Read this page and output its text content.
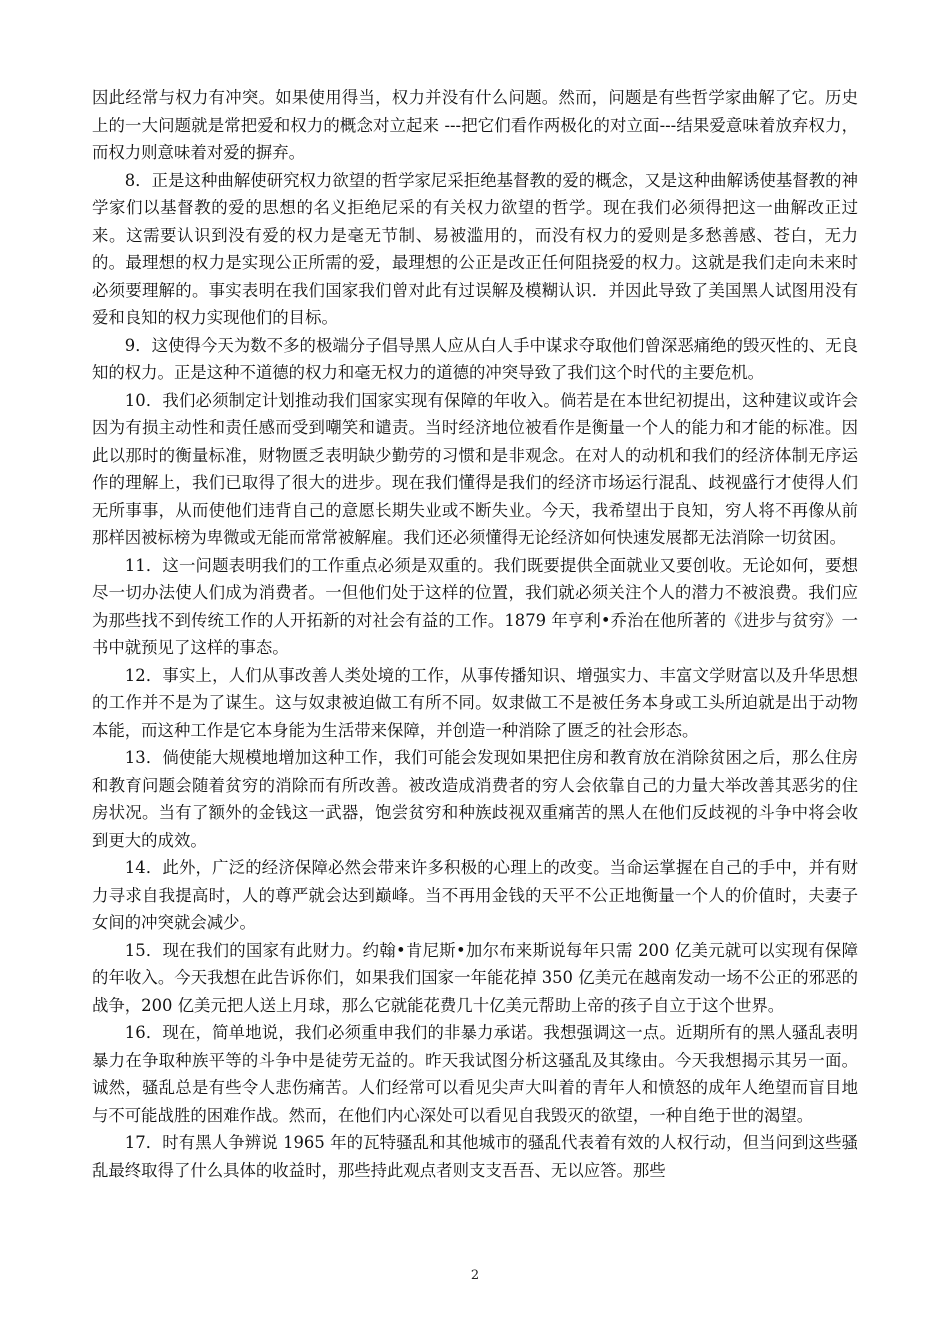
因此经常与权力有冲突。如果使用得当，权力并没有什么问题。然而，问题是有些哲学家曲解了它。历史上的一大问题就是常把爱和权力的概念对立起来 ---把它们看作两极化的对立面---结果爱意味着放弃权力，而权力则意味着对爱的摒弃。

8．正是这种曲解使研究权力欲望的哲学家尼采拒绝基督教的爱的概念，又是这种曲解诱使基督教的神学家们以基督教的爱的思想的名义拒绝尼采的有关权力欲望的哲学。现在我们必须得把这一曲解改正过来。这需要认识到没有爱的权力是毫无节制、易被滥用的，而没有权力的爱则是多愁善感、苍白，无力的。最理想的权力是实现公正所需的爱，最理想的公正是改正任何阻挠爱的权力。这就是我们走向未来时必须要理解的。事实表明在我们国家我们曾对此有过误解及模糊认识．并因此导致了美国黑人试图用没有爱和良知的权力实现他们的目标。

9．这使得今天为数不多的极端分子倡导黑人应从白人手中谋求夺取他们曾深恶痛绝的毁灭性的、无良知的权力。正是这种不道德的权力和毫无权力的道德的冲突导致了我们这个时代的主要危机。

10．我们必须制定计划推动我们国家实现有保障的年收入。倘若是在本世纪初提出，这种建议或许会因为有损主动性和责任感而受到嘲笑和谴责。当时经济地位被看作是衡量一个人的能力和才能的标准。因此以那时的衡量标准，财物匮乏表明缺少勤劳的习惯和是非观念。在对人的动机和我们的经济体制无序运作的理解上，我们已取得了很大的进步。现在我们懂得是我们的经济市场运行混乱、歧视盛行才使得人们无所事事，从而使他们违背自己的意愿长期失业或不断失业。今天，我希望出于良知，穷人将不再像从前那样因被标榜为卑微或无能而常常被解雇。我们还必须懂得无论经济如何快速发展都无法消除一切贫困。

11．这一问题表明我们的工作重点必须是双重的。我们既要提供全面就业又要创收。无论如何，要想尽一切办法使人们成为消费者。一但他们处于这样的位置，我们就必须关注个人的潜力不被浪费。我们应为那些找不到传统工作的人开拓新的对社会有益的工作。1879 年亨利•乔治在他所著的《进步与贫穷》一书中就预见了这样的事态。

12．事实上，人们从事改善人类处境的工作，从事传播知识、增强实力、丰富文学财富以及升华思想的工作并不是为了谋生。这与奴隶被迫做工有所不同。奴隶做工不是被任务本身或工头所迫就是出于动物本能，而这种工作是它本身能为生活带来保障，并创造一种消除了匮乏的社会形态。

13．倘使能大规模地增加这种工作，我们可能会发现如果把住房和教育放在消除贫困之后，那么住房和教育问题会随着贫穷的消除而有所改善。被改造成消费者的穷人会依靠自己的力量大举改善其恶劣的住房状况。当有了额外的金钱这一武器，饱尝贫穷和种族歧视双重痛苦的黑人在他们反歧视的斗争中将会收到更大的成效。

14．此外，广泛的经济保障必然会带来许多积极的心理上的改变。当命运掌握在自己的手中，并有财力寻求自我提高时，人的尊严就会达到巅峰。当不再用金钱的天平不公正地衡量一个人的价值时，夫妻子女间的冲突就会减少。

15．现在我们的国家有此财力。约翰•肯尼斯•加尔布来斯说每年只需 200 亿美元就可以实现有保障的年收入。今天我想在此告诉你们，如果我们国家一年能花掉 350 亿美元在越南发动一场不公正的邪恶的战争，200 亿美元把人送上月球，那么它就能花费几十亿美元帮助上帝的孩子自立于这个世界。

16．现在，简单地说，我们必须重申我们的非暴力承诺。我想强调这一点。近期所有的黑人骚乱表明暴力在争取种族平等的斗争中是徒劳无益的。昨天我试图分析这骚乱及其缘由。今天我想揭示其另一面。诚然，骚乱总是有些令人悲伤痛苦。人们经常可以看见尖声大叫着的青年人和愤怒的成年人绝望而盲目地与不可能战胜的困难作战。然而，在他们内心深处可以看见自我毁灭的欲望，一种自绝于世的渴望。

17．时有黑人争辨说 1965 年的瓦特骚乱和其他城市的骚乱代表着有效的人权行动，但当问到这些骚乱最终取得了什么具体的收益时，那些持此观点者则支支吾吾、无以应答。那些

2
